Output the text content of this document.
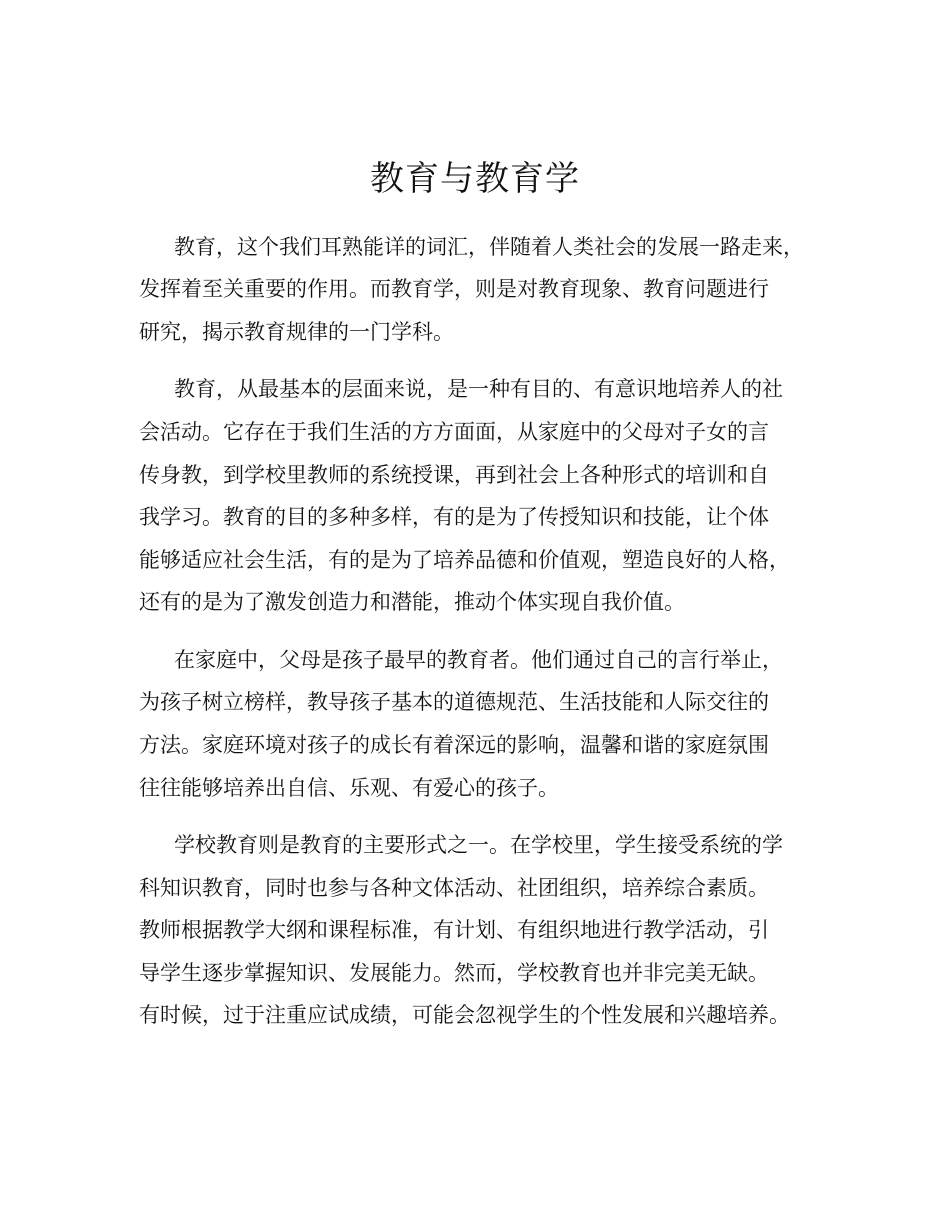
教育与教育学

教育，这个我们耳熟能详的词汇，伴随着人类社会的发展一路走来，

发挥着至关重要的作用。而教育学，则是对教育现象、教育问题进行

研究，揭示教育规律的一门学科。

教育，从最基本的层面来说，是一种有目的、有意识地培养人的社

会活动。它存在于我们生活的方方面面，从家庭中的父母对子女的言

传身教，到学校里教师的系统授课，再到社会上各种形式的培训和自

我学习。教育的目的多种多样，有的是为了传授知识和技能，让个体

能够适应社会生活，有的是为了培养品德和价值观，塑造良好的人格，

还有的是为了激发创造力和潜能，推动个体实现自我价值。

在家庭中，父母是孩子最早的教育者。他们通过自己的言行举止，

为孩子树立榜样，教导孩子基本的道德规范、生活技能和人际交往的

方法。家庭环境对孩子的成长有着深远的影响，温馨和谐的家庭氛围

往往能够培养出自信、乐观、有爱心的孩子。

学校教育则是教育的主要形式之一。在学校里，学生接受系统的学

科知识教育，同时也参与各种文体活动、社团组织，培养综合素质。

教师根据教学大纲和课程标准，有计划、有组织地进行教学活动，引

导学生逐步掌握知识、发展能力。然而，学校教育也并非完美无缺。

有时候，过于注重应试成绩，可能会忽视学生的个性发展和兴趣培养。
